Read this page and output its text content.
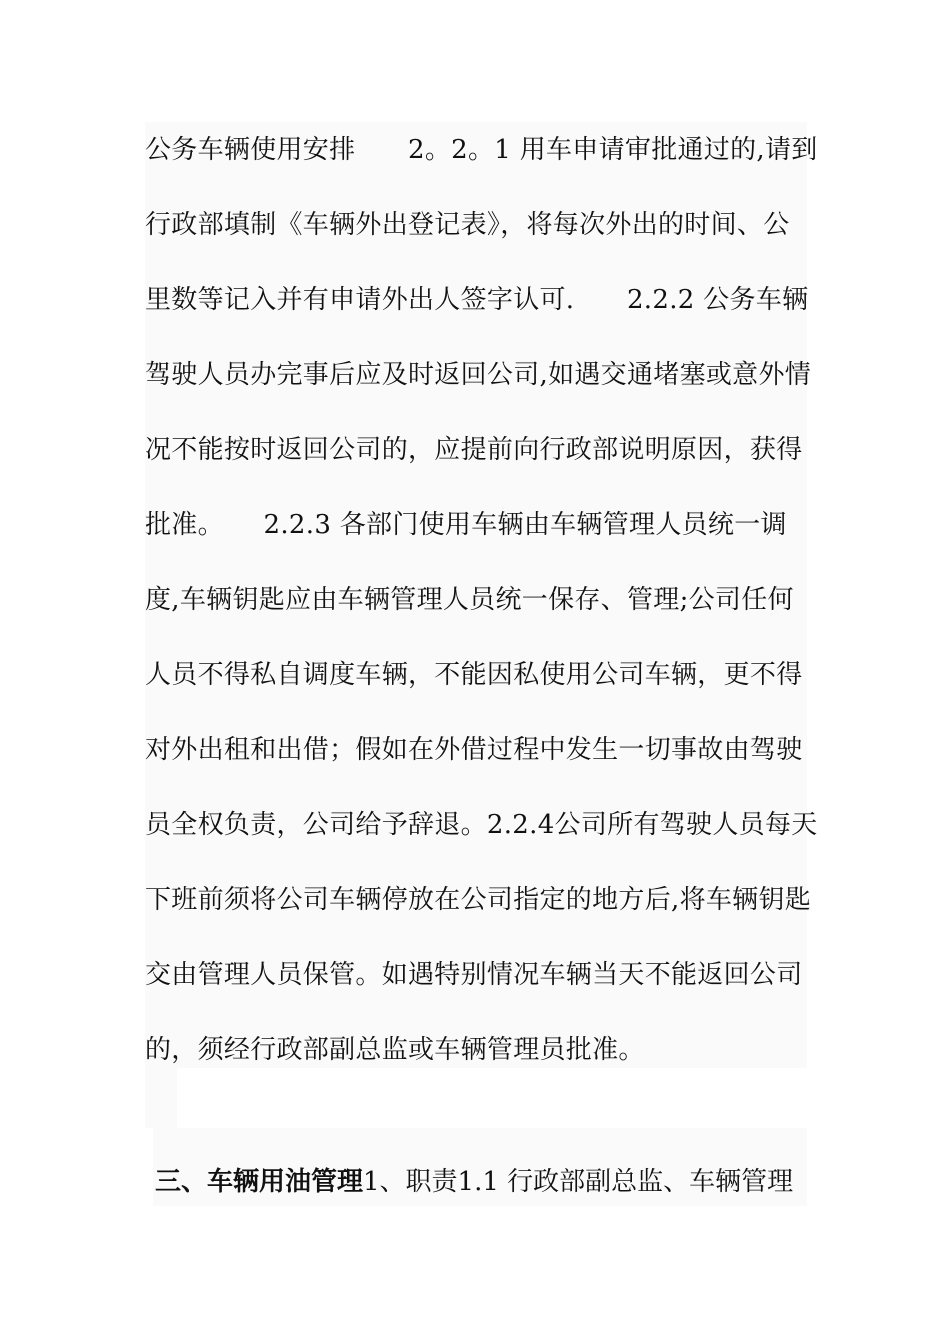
公务车辆使用安排　　2。2。1 用车申请审批通过的,请到
行政部填制《车辆外出登记表》，将每次外出的时间、公
里数等记入并有申请外出人签字认可.　　2.2.2 公务车辆
驾驶人员办完事后应及时返回公司,如遇交通堵塞或意外情
况不能按时返回公司的，应提前向行政部说明原因，获得
批准。　　2.2.3 各部门使用车辆由车辆管理人员统一调
度,车辆钥匙应由车辆管理人员统一保存、管理;公司任何
人员不得私自调度车辆，不能因私使用公司车辆，更不得
对外出租和出借；假如在外借过程中发生一切事故由驾驶
员全权负责，公司给予辞退。2.2.4公司所有驾驶人员每天
下班前须将公司车辆停放在公司指定的地方后,将车辆钥匙
交由管理人员保管。如遇特别情况车辆当天不能返回公司
的，须经行政部副总监或车辆管理员批准。
三、车辆用油管理1、职责1.1 行政部副总监、车辆管理
